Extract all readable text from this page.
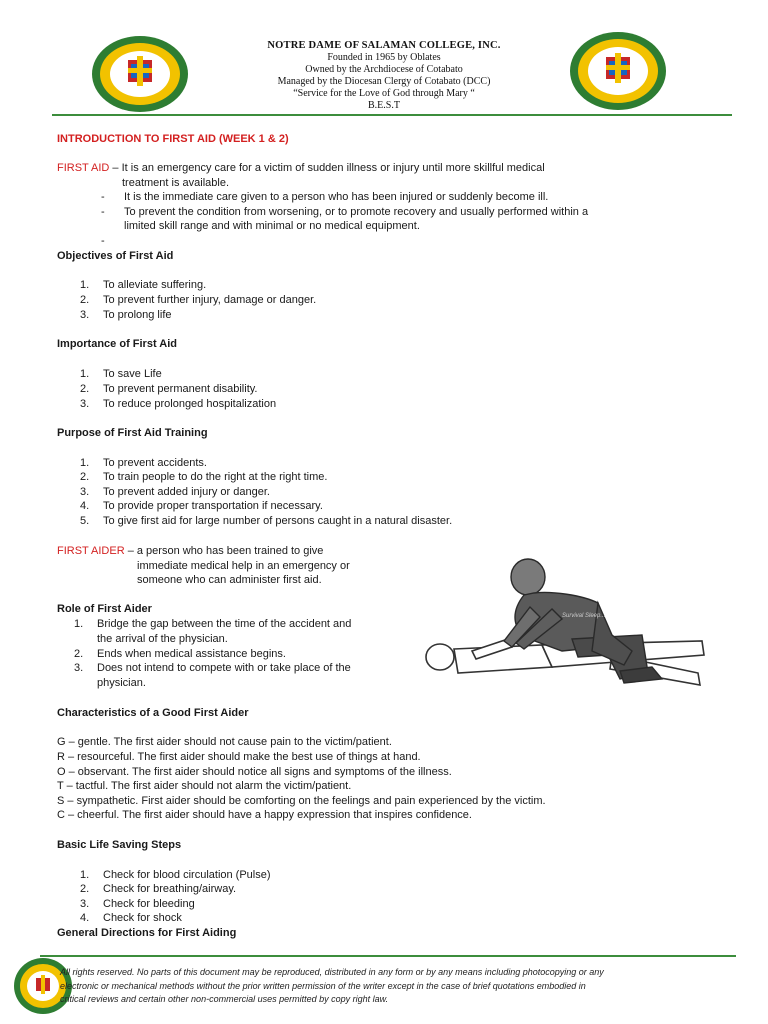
NOTRE DAME OF SALAMAN COLLEGE, INC.
Founded in 1965 by Oblates
Owned by the Archdiocese of Cotabato
Managed by the Diocesan Clergy of Cotabato (DCC)
“Service for the Love of God through Mary “
B.E.S.T
INTRODUCTION TO FIRST AID (WEEK 1 & 2)
FIRST AID – It is an emergency care for a victim of sudden illness or injury until more skillful medical
treatment is available.
- It is the immediate care given to a person who has been injured or suddenly become ill.
- To prevent the condition from worsening, or to promote recovery and usually performed within a
limited skill range and with minimal or no medical equipment.
-
Objectives of First Aid
1. To alleviate suffering.
2. To prevent further injury, damage or danger.
3. To prolong life
Importance of First Aid
1. To save Life
2. To prevent permanent disability.
3. To reduce prolonged hospitalization
Purpose of First Aid Training
1. To prevent accidents.
2. To train people to do the right at the right time.
3. To prevent added injury or danger.
4. To provide proper transportation if necessary.
5. To give first aid for large number of persons caught in a natural disaster.
FIRST AIDER – a person who has been trained to give
immediate medical help in an emergency or
someone who can administer first aid.
Role of First Aider
1. Bridge the gap between the time of the accident and
the arrival of the physician.
2. Ends when medical assistance begins.
3. Does not intend to compete with or take place of the
physician.
Survival Sleep...
Characteristics of a Good First Aider
G – gentle. The first aider should not cause pain to the victim/patient.
R – resourceful. The first aider should make the best use of things at hand.
O – observant. The first aider should notice all signs and symptoms of the illness.
T – tactful. The first aider should not alarm the victim/patient.
S – sympathetic. First aider should be comforting on the feelings and pain experienced by the victim.
C – cheerful. The first aider should have a happy expression that inspires confidence.
Basic Life Saving Steps
1. Check for blood circulation (Pulse)
2. Check for breathing/airway.
3. Check for bleeding
4. Check for shock
General Directions for First Aiding
All rights reserved. No parts of this document may be reproduced, distributed in any form or by any means including photocopying or any
electronic or mechanical methods without the prior written permission of the writer except in the case of brief quotations embodied in
critical reviews and certain other non-commercial uses permitted by copy right law.
